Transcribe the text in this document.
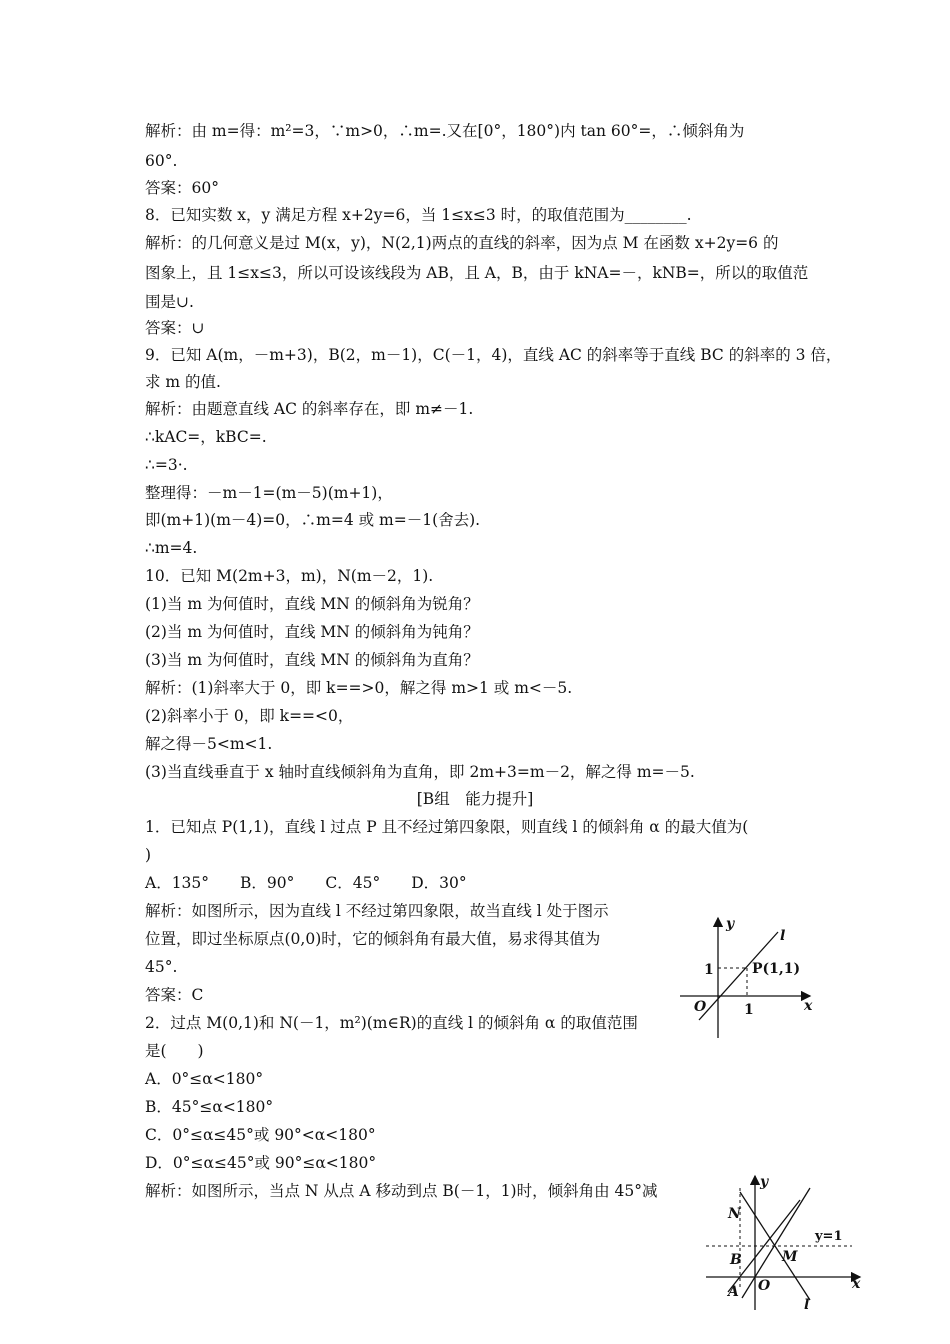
解析：由 m=得：m²=3，∵m>0，∴m=.又在[0°，180°)内 tan 60°=，∴倾斜角为
60°.
答案：60°
8．已知实数 x，y 满足方程 x+2y=6，当 1≤x≤3 时，的取值范围为________.
解析：的几何意义是过 M(x，y)，N(2,1)两点的直线的斜率，因为点 M 在函数 x+2y=6 的
图象上，且 1≤x≤3，所以可设该线段为 AB，且 A，B，由于 kNA=－，kNB=，所以的取值范
围是∪.
答案：∪
9．已知 A(m，－m+3)，B(2，m－1)，C(－1，4)，直线 AC 的斜率等于直线 BC 的斜率的 3 倍，
求 m 的值.
解析：由题意直线 AC 的斜率存在，即 m≠－1.
∴kAC=，kBC=.
∴=3·.
整理得：－m－1=(m－5)(m+1)，
即(m+1)(m－4)=0，∴m=4 或 m=－1(舍去).
∴m=4.
10．已知 M(2m+3，m)，N(m－2，1).
(1)当 m 为何值时，直线 MN 的倾斜角为锐角？
(2)当 m 为何值时，直线 MN 的倾斜角为钝角？
(3)当 m 为何值时，直线 MN 的倾斜角为直角？
解析：(1)斜率大于 0，即 k==>0，解之得 m>1 或 m<－5.
(2)斜率小于 0，即 k==<0，
解之得－5<m<1.
(3)当直线垂直于 x 轴时直线倾斜角为直角，即 2m+3=m－2，解之得 m=－5.
[B组　能力提升]
1．已知点 P(1,1)，直线 l 过点 P 且不经过第四象限，则直线 l 的倾斜角 α 的最大值为(
)
A．135°　　B．90°　　C．45°　　D．30°
解析：如图所示，因为直线 l 不经过第四象限，故当直线 l 处于图示
位置，即过坐标原点(0,0)时，它的倾斜角有最大值，易求得其值为
45°.
答案：C
2．过点 M(0,1)和 N(－1，m²)(m∈R)的直线 l 的倾斜角 α 的取值范围
是(　　)
A．0°≤α<180°
B．45°≤α<180°
C．0°≤α≤45°或 90°<α<180°
D．0°≤α≤45°或 90°≤α<180°
解析：如图所示，当点 N 从点 A 移动到点 B(－1，1)时，倾斜角由 45°减
y
l
1	P(1,1)
O	1	x
y
N
y=1
B	M
O	x
A
l
